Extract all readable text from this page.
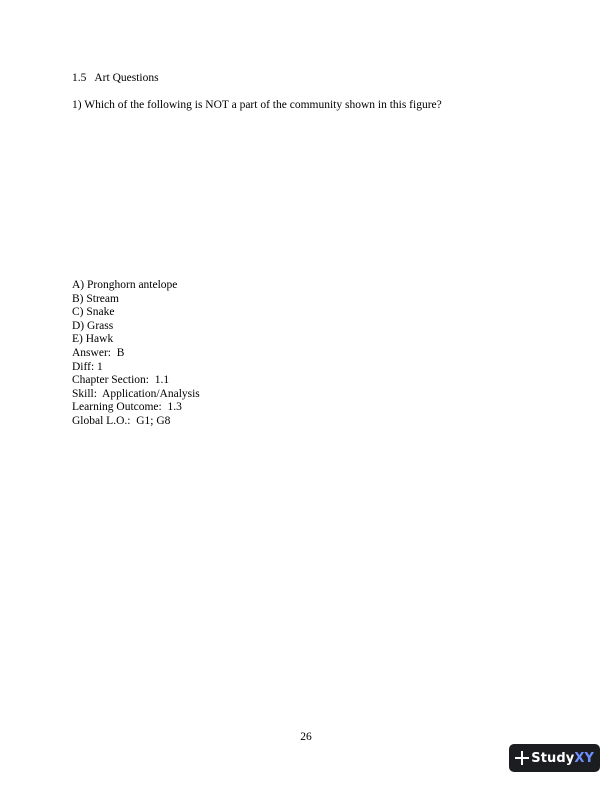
1.5 Art Questions
1) Which of the following is NOT a part of the community shown in this figure?
A) Pronghorn antelope
B) Stream
C) Snake
D) Grass
E) Hawk
Answer:  B
Diff: 1
Chapter Section:  1.1
Skill:  Application/Analysis
Learning Outcome:  1.3
Global L.O.:  G1; G8
26
StudyXY
